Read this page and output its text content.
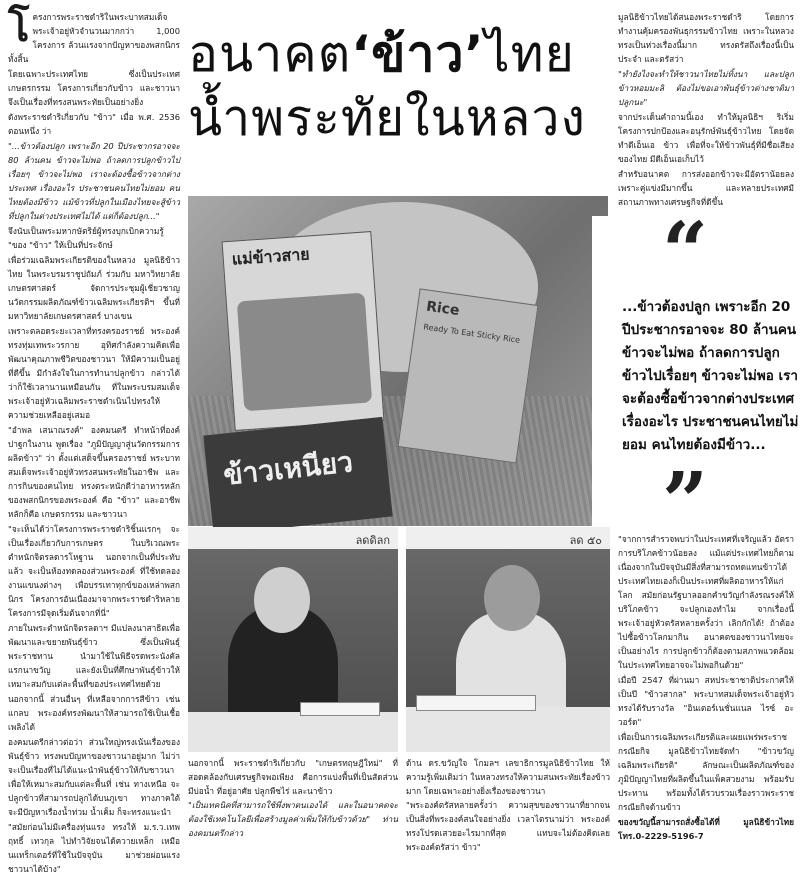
โ ครงการพระราชดำริในพระบาทสมเด็จพระเจ้าอยู่หัวจำนวนมากกว่า 1,000 โครงการ ล้วนแรงจากปัญหาของพสกนิกรทั้งสิ้น

โดยเฉพาะประเทศไทย ซึ่งเป็นประเทศเกษตรกรรม โครงการเกี่ยวกับข้าว และชาวนา จึงเป็นเรื่องที่ทรงสนพระทัยเป็นอย่างยิ่ง

ดังพระราชดำริเกี่ยวกับ "ข้าว" เมื่อ พ.ศ. 2536 ตอนหนึ่ง ว่า

"...ข้าวต้องปลูก เพราะอีก 20 ปีประชากรอาจจะ 80 ล้านคน ข้าวจะไม่พอ ถ้าลดการปลูกข้าวไปเรื่อยๆ ข้าวจะไม่พอ เราจะต้องซื้อข้าวจากต่างประเทศ เรื่องอะไร ประชาชนคนไทยไม่ยอม คนไทยต้องมีข้าว แม้ข้าวที่ปลูกในเมืองไทยจะสู้ข้าวที่ปลูกในต่างประเทศไม่ได้ แต่ก็ต้องปลูก..."

จึงนับเป็นพระมหากษัตริย์ผู้ทรงบุกเบิกความรู้ "ของ "ข้าว" ให้เป็นที่ประจักษ์

เพื่อร่วมเฉลิมพระเกียรติของในหลวง มูลนิธิข้าวไทย ในพระบรมราชูปถัมภ์ ร่วมกับ มหาวิทยาลัยเกษตรศาสตร์ จัดการประชุมผู้เชี่ยวชาญนวัตกรรมผลิตภัณฑ์ข้าวเฉลิมพระเกียรติฯ ขึ้นที่ มหาวิทยาลัยเกษตรศาสตร์ บางเขน

เพราะตลอดระยะเวลาที่ทรงครองราชย์ พระองค์ทรงทุ่มเทพระวรกาย อุทิศกำลังความคิดเพื่อพัฒนาคุณภาพชีวิตของชาวนา ให้มีความเป็นอยู่ที่ดีขึ้น มีกำลังใจในการทำนาปลูกข้าว กล่าวได้ว่าก็ใช้เวลานานเหมือนกัน ที่ในพระบรมสมเด็จพระเจ้าอยู่หัวเฉลิมพระราชดำเนินไปทรงให้ความช่วยเหลืออยู่เสมอ

"อำพล เสนาณรงค์" องคมนตรี ทำหน้าที่องค์ปาฐกในงาน พูดเรื่อง "ภูมิปัญญาสู่นวัตกรรมการผลิตข้าว" ว่า ตั้งแต่เสด็จขึ้นครองราชย์ พระบาทสมเด็จพระเจ้าอยู่หัวทรงสนพระทัยในอาชีพ และการกินของคนไทย ทรงตระหนักดีว่าอาหารหลักของพสกนิกรของพระองค์ คือ "ข้าว" และอาชีพหลักก็คือ เกษตรกรรม และชาวนา

"จะเห็นได้ว่าโครงการพระราชดำริชิ้นแรกๆ จะเป็นเรื่องเกี่ยวกับการเกษตร ในบริเวณพระตำหนักจิตรลดารโหฐาน นอกจากเป็นที่ประทับแล้ว จะเป็นห้องทดลองส่วนพระองค์ ที่ใช้ทดลองงานแขนงต่างๆ เพื่อบรรเทาทุกข์ของเหล่าพสกนิกร โครงการอันเนื่องมาจากพระราชดำริหลายโครงการมีจุดเริ่มต้นจากที่นี่"

ภายในพระตำหนักจิตรลดาฯ มีแปลงนาสาธิตเพื่อพัฒนาและขยายพันธุ์ข้าว ซึ่งเป็นพันธุ์พระราชทาน นำมาใช้ในพิธีจรดพระนังคัลแรกนาขวัญ และยังเป็นที่ศึกษาพันธุ์ข้าวให้เหมาะสมกับแต่ละพื้นที่ของประเทศไทยด้วย

นอกจากนี้ ส่วนอื่นๆ ที่เหลือจากการสีข้าว เช่น แกลบ พระองค์ทรงพัฒนาให้สามารถใช้เป็นเชื้อเพลิงได้

องคมนตรีกล่าวต่อว่า ส่วนใหญ่ทรงเน้นเรื่องของพันธุ์ข้าว ทรงพบปัญหาของชาวนาอยู่มาก ไม่ว่าจะเป็นเรื่องที่ไม่ได้แนะนำพันธุ์ข้าวให้กับชาวนา เพื่อให้เหมาะสมกับแต่ละพื้นที่ เช่น ทางเหนือ จะปลูกข้าวที่สามารถปลูกได้บนภูเขา ทางภาคใต้ จะมีปัญหาเรื่องน้ำท่วม น้ำเค็ม ก็จะทรงแนะนำ

"สมัยก่อนไม่มีเครื่องทุ่นแรง ทรงให้ ม.ร.ว.เทพฤทธิ์ เทวกุล ไปทำวิจัยจนได้ควายเหล็ก เหมือนแทร็กเตอร์ที่ใช้ในปัจจุบัน มาช่วยผ่อนแรงชาวนาได้บ้าง"

อนาคต‘ข้าว’ไทย
น้ำพระทัยในหลวง

มูลนิธิข้าวไทยได้สนองพระราชดำริ โดยการทำงานคุ้มครองพันธุกรรมข้าวไทย เพราะในหลวงทรงเป็นห่วงเรื่องนี้มาก ทรงตรัสถึงเรื่องนี้เป็นประจำ และตรัสว่า

"ทำยังไงจะทำให้ชาวนาไทยไม่ทิ้งนา และปลูกข้าวหอมมะลิ ต้องไม่ขอเอาพันธุ์ข้าวต่างชาติมาปลูกนะ"

จากประเด็นคำถามนี้เอง ทำให้มูลนิธิฯ ริเริ่มโครงการปกป้องและอนุรักษ์พันธุ์ข้าวไทย โดยจัดทำดีเอ็นเอ ข้าว เพื่อที่จะให้ข้าวพันธุ์ที่มีชื่อเสียงของไทย มีดีเอ็นเอเก็บไว้

สำหรับอนาคต การส่งออกข้าวจะมีอัตราน้อยลง เพราะคู่แข่งมีมากขึ้น และหลายประเทศมีสถานภาพทางเศรษฐกิจที่ดีขึ้น

แม่ข้าวสาย
Rice
Ready To Eat Sticky Rice
ข้าวเหนียว
“
...ข้าวต้องปลูก เพราะอีก 20 ปีประชากรอาจจะ 80 ล้านคน ข้าวจะไม่พอ ถ้าลดการปลูกข้าวไปเรื่อยๆ ข้าวจะไม่พอ เราจะต้องซื้อข้าวจากต่างประเทศ เรื่องอะไร ประชาชนคนไทยไม่ยอม คนไทยต้องมีข้าว...
”
ลดดิลก	ลด ๕๐

นอกจากนี้ พระราชดำริเกี่ยวกับ "เกษตรทฤษฎีใหม่" ที่สอดคล้องกับเศรษฐกิจพอเพียง คือการแบ่งพื้นที่เป็นสัดส่วน มีบ่อน้ำ ที่อยู่อาศัย ปลูกพืชไร่ และนาข้าว

"เป็นเทคนิคที่สามารถใช้พึ่งพาตนเองได้ และในอนาคตจะต้องใช้เทคโนโลยีเพื่อสร้างมูลค่าเพิ่มให้กับข้าวด้วย" ท่านองคมนตรีกล่าว

ด้าน ดร.ขวัญใจ โกมลฯ เลขาธิการมูลนิธิข้าวไทย ให้ความรู้เพิ่มเติมว่า ในหลวงทรงให้ความสนพระทัยเรื่องข้าวมาก โดยเฉพาะอย่างยิ่งเรื่องของชาวนา

"พระองค์ตรัสหลายครั้งว่า ความสุขของชาวนาที่ยากจนเป็นสิ่งที่พระองค์สนใจอย่างยิ่ง เวลาไตรนาม่ว่า พระองค์ทรงโปรดเสวยอะไรมากที่สุด แทบจะไม่ต้องคิดเลยพระองค์ตรัสว่า ข้าว"

"จากการสำรวจพบว่าในประเทศที่เจริญแล้ว อัตราการบริโภคข้าวน้อยลง แม้แต่ประเทศไทยก็ตาม เนื่องจากในปัจจุบันมีสิ่งที่สามารถทดแทนข้าวได้ ประเทศไทยเองก็เป็นประเทศที่ผลิตอาหารให้แก่โลก สมัยก่อนรัฐบาลออกคำขวัญกำลังรณรงค์ให้บริโภคข้าว จะปลูกเองทำไม จากเรื่องนี้พระเจ้าอยู่หัวตรัสหลายครั้งว่า เลิกกักได้! ถ้าต้องไปซื้อข้าวโลกมากิน อนาคตของชาวนาไทยจะเป็นอย่างไร การปลูกข้าวก็ต้องตามสภาพแวดล้อม ในประเทศไทยอาจจะไม่พอกินด้วย"

เมื่อปี 2547 ที่ผ่านมา สหประชาชาติประกาศให้เป็นปี "ข้าวสากล" พระบาทสมเด็จพระเจ้าอยู่หัว ทรงได้รับรางวัล "อินเตอร์เนชั่นแนล ไรซ์ อะวอร์ด"

เพื่อเป็นการเฉลิมพระเกียรติและเผยแพร่พระราชกรณียกิจ มูลนิธิข้าวไทยจัดทำ "ข้าวขวัญเฉลิมพระเกียรติ" ลักษณะเป็นผลิตภัณฑ์ของภูมิปัญญาไทยที่ผลิตขึ้นในแพ็คสวยงาม พร้อมรับประทาน พร้อมทั้งได้รวบรวมเรื่องราวพระราชกรณียกิจด้านข้าว

ของขวัญนี้สามารถสั่งซื้อได้ที่ มูลนิธิข้าวไทย โทร.0-2229-5196-7
